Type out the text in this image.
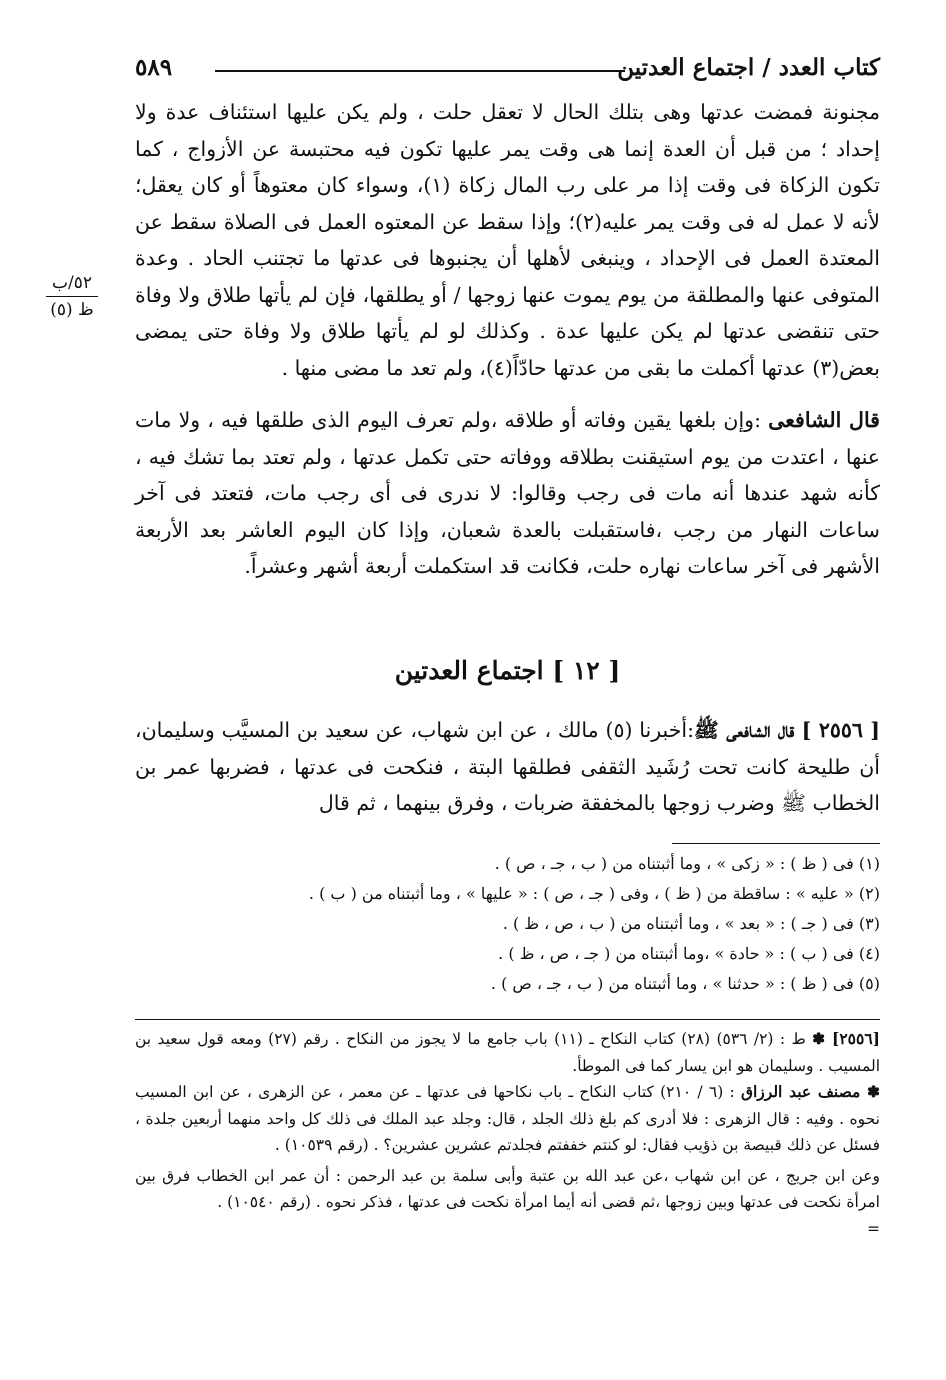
كتاب العدد / اجتماع العدتين
٥٨٩
٥٢/ب
ظ (٥)

مجنونة فمضت عدتها وهى بتلك الحال لا تعقل حلت ، ولم يكن عليها استئناف عدة ولا إحداد ؛ من قبل أن العدة إنما هى وقت يمر عليها تكون فيه محتبسة عن الأزواج ، كما تكون الزكاة فى وقت إذا مر على رب المال زكاة (١)، وسواء كان معتوهاً أو كان يعقل؛ لأنه لا عمل له فى وقت يمر عليه(٢)؛ وإذا سقط عن المعتوه العمل فى الصلاة سقط عن المعتدة العمل فى الإحداد ، وينبغى لأهلها أن يجنبوها فى عدتها ما تجتنب الحاد . وعدة المتوفى عنها والمطلقة من يوم يموت عنها زوجها / أو يطلقها، فإن لم يأتها طلاق ولا وفاة حتى تنقضى عدتها لم يكن عليها عدة . وكذلك لو لم يأتها طلاق ولا وفاة حتى يمضى بعض(٣) عدتها أكملت ما بقى من عدتها حادّاً(٤)، ولم تعد ما مضى منها .

قال الشافعى :وإن بلغها يقين وفاته أو طلاقه ،ولم تعرف اليوم الذى طلقها فيه ، ولا مات عنها ، اعتدت من يوم استيقنت بطلاقه ووفاته حتى تكمل عدتها ، ولم تعتد بما تشك فيه ، كأنه شهد عندها أنه مات فى رجب وقالوا: لا ندرى فى أى رجب مات، فتعتد فى آخر ساعات النهار من رجب ،فاستقبلت بالعدة شعبان، وإذا كان اليوم العاشر بعد الأربعة الأشهر فى آخر ساعات نهاره حلت، فكانت قد استكملت أربعة أشهر وعشراً.

[ ١٢ ] اجتماع العدتين

[ ٢٥٥٦ ] قال الشافعى ﷺ:أخبرنا (٥) مالك ، عن ابن شهاب، عن سعيد بن المسيَّب وسليمان، أن طليحة كانت تحت رُشَيد الثقفى فطلقها البتة ، فنكحت فى عدتها ، فضربها عمر بن الخطاب ﷺ وضرب زوجها بالمخفقة ضربات ، وفرق بينهما ، ثم قال

(١) فى ( ظ ) : « زكى » ، وما أثبتناه من ( ب ، جـ ، ص ) .

(٢) « عليه » : ساقطة من ( ظ ) ، وفى ( جـ ، ص ) : « عليها » ، وما أثبتناه من ( ب ) .

(٣) فى ( جـ ) : « بعد » ، وما أثبتناه من ( ب ، ص ، ظ ) .

(٤) فى ( ب ) : « حادة » ،وما أثبتناه من ( جـ ، ص ، ظ ) .

(٥) فى ( ظ ) : « حدثنا » ، وما أثبتناه من ( ب ، جـ ، ص ) .

[٢٥٥٦] ✽ ط : (٢/ ٥٣٦) (٢٨) كتاب النكاح ـ (١١) باب جامع ما لا يجوز من النكاح . رقم (٢٧) ومعه قول سعيد بن المسيب . وسليمان هو ابن يسار كما فى الموطأ.

✽ مصنف عبد الرزاق : (٦ / ٢١٠) كتاب النكاح ـ باب نكاحها فى عدتها ـ عن معمر ، عن الزهرى ، عن ابن المسيب نحوه . وفيه : قال الزهرى : فلا أدرى كم بلغ ذلك الجلد ، قال: وجلد عبد الملك فى ذلك كل واحد منهما أربعين جلدة ، فسئل عن ذلك قبيصة بن ذؤيب فقال: لو كنتم خففتم فجلدتم عشرين عشرين؟ . (رقم ١٠٥٣٩) .

وعن ابن جريج ، عن ابن شهاب ،عن عبد الله بن عتبة وأبى سلمة بن عبد الرحمن : أن عمر ابن الخطاب فرق بين امرأة نكحت فى عدتها وبين زوجها ،ثم قضى أنه أيما امرأة نكحت فى عدتها ، فذكر نحوه . (رقم ١٠٥٤٠) .

=
